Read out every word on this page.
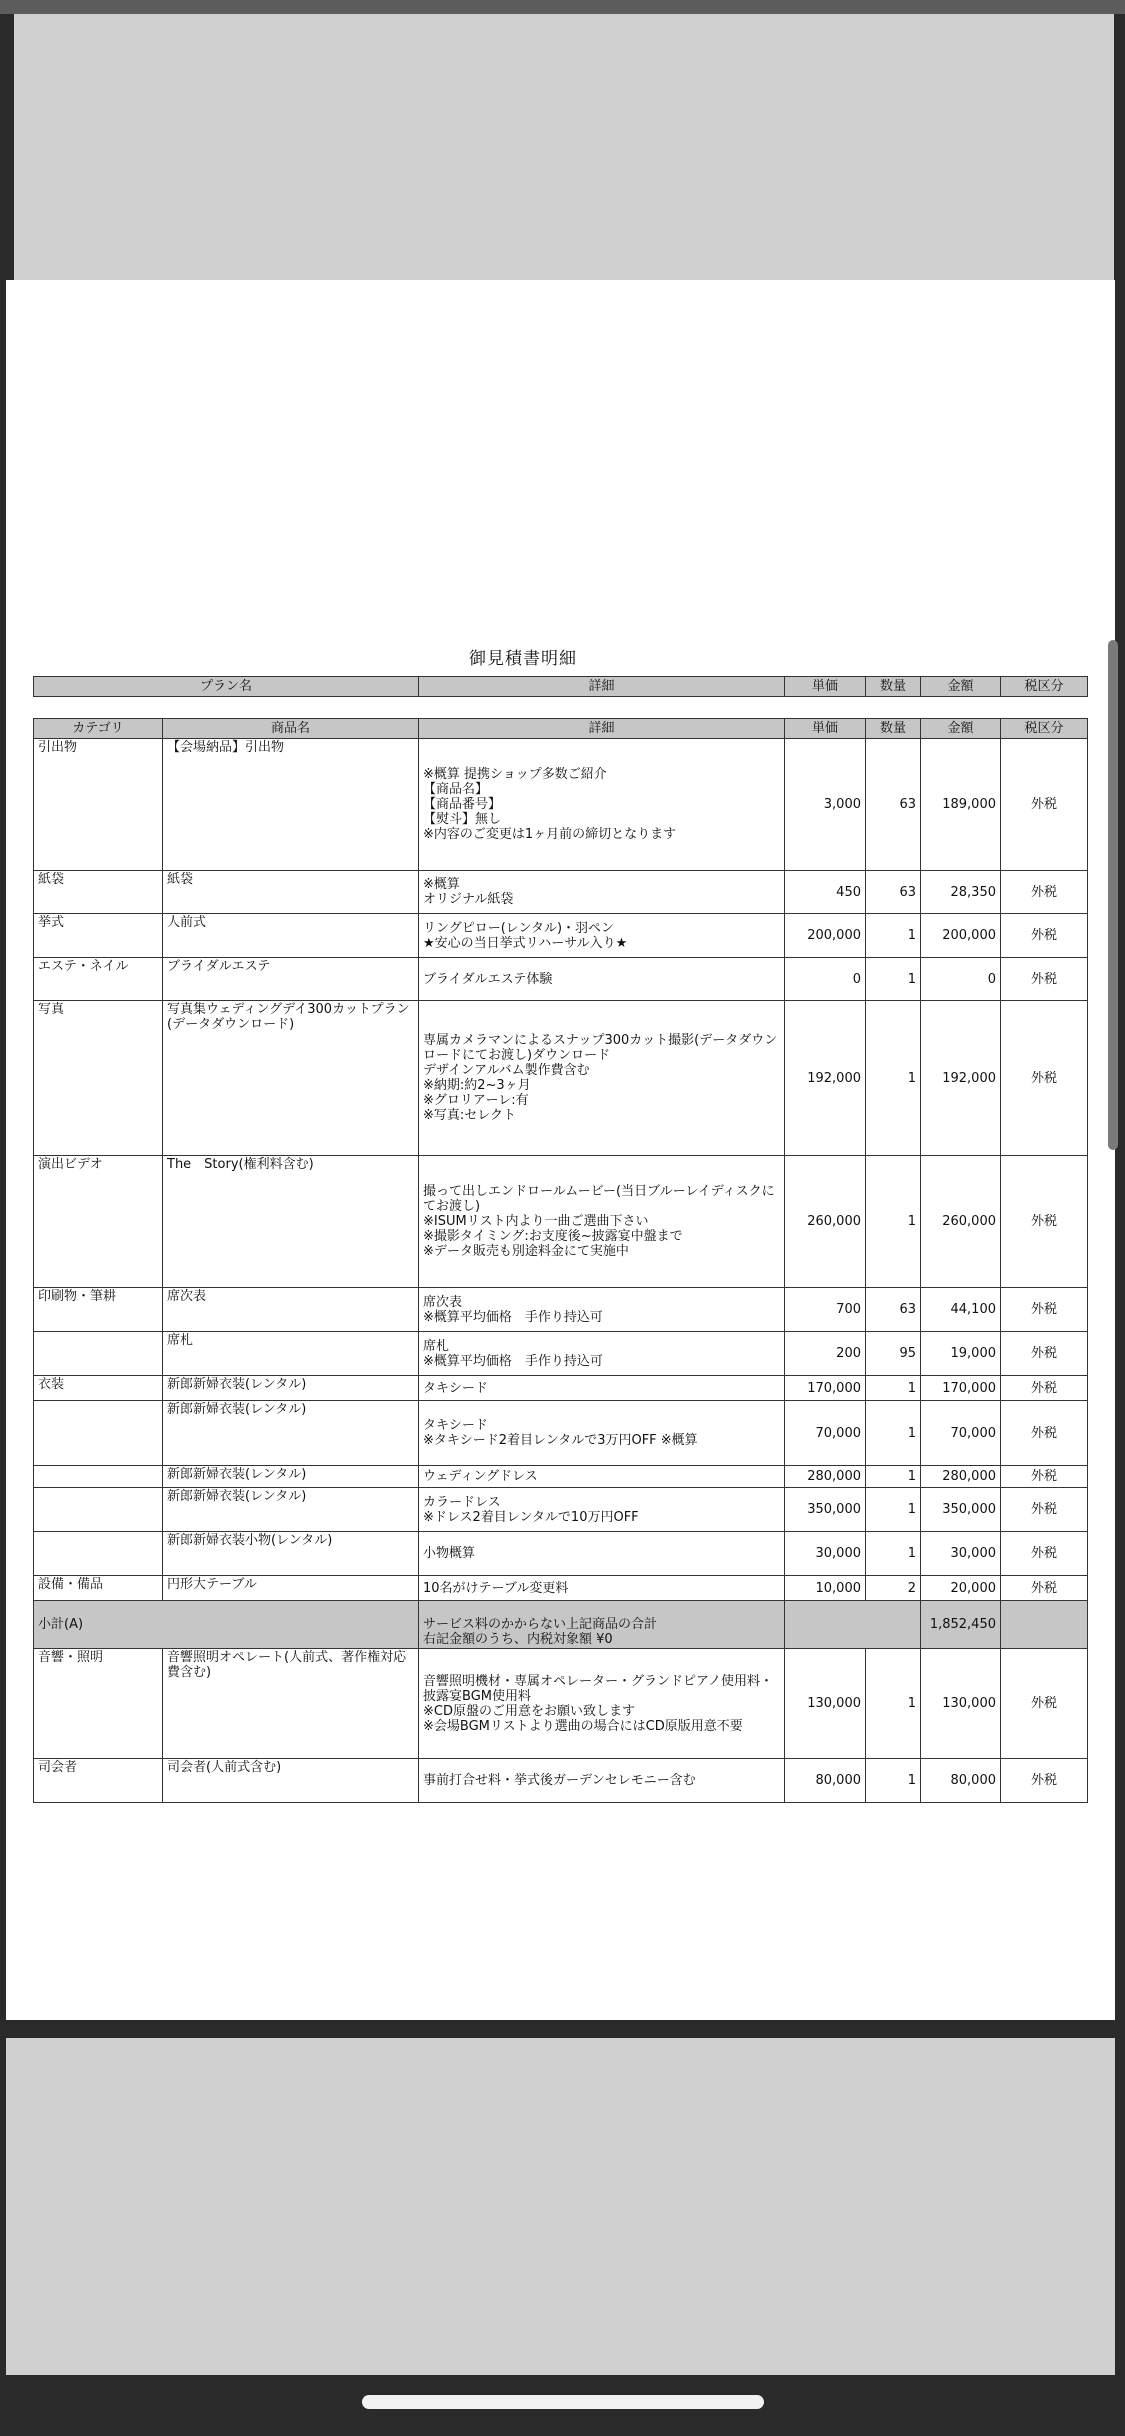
御見積書明細
プラン名	詳細	単価	数量	金額	税区分
カテゴリ	商品名	詳細	単価	数量	金額	税区分
引出物	【会場納品】引出物	※概算 提携ショップ多数ご紹介
【商品名】
【商品番号】
【熨斗】無し
※内容のご変更は1ヶ月前の締切となります	3,000	63	189,000	外税
紙袋	紙袋	※概算
オリジナル紙袋	450	63	28,350	外税
挙式	人前式	リングピロー(レンタル)・羽ペン
★安心の当日挙式リハーサル入り★	200,000	1	200,000	外税
エステ・ネイル	ブライダルエステ	ブライダルエステ体験	0	1	0	外税
写真	写真集ウェディングデイ300カットプラン(データダウンロード)	専属カメラマンによるスナップ300カット撮影(データダウンロードにてお渡し)ダウンロード
デザインアルバム製作費含む
※納期:約2~3ヶ月
※グロリアーレ:有
※写真:セレクト	192,000	1	192,000	外税
演出ビデオ	The　Story(権利料含む)	撮って出しエンドロールムービー(当日ブルーレイディスクにてお渡し)
※ISUMリスト内より一曲ご選曲下さい
※撮影タイミング:お支度後~披露宴中盤まで
※データ販売も別途料金にて実施中	260,000	1	260,000	外税
印刷物・筆耕	席次表	席次表
※概算平均価格　手作り持込可	700	63	44,100	外税
	席札	席札
※概算平均価格　手作り持込可	200	95	19,000	外税
衣装	新郎新婦衣装(レンタル)	タキシード	170,000	1	170,000	外税
	新郎新婦衣装(レンタル)	タキシード
※タキシード2着目レンタルで3万円OFF ※概算	70,000	1	70,000	外税
	新郎新婦衣装(レンタル)	ウェディングドレス	280,000	1	280,000	外税
	新郎新婦衣装(レンタル)	カラードレス
※ドレス2着目レンタルで10万円OFF	350,000	1	350,000	外税
	新郎新婦衣装小物(レンタル)	小物概算	30,000	1	30,000	外税
設備・備品	円形大テーブル	10名がけテーブル変更料	10,000	2	20,000	外税
小計(A)		サービス料のかからない上記商品の合計
右記金額のうち、内税対象額 ¥0			1,852,450	
音響・照明	音響照明オペレート(人前式、著作権対応費含む)	音響照明機材・専属オペレーター・グランドピアノ使用料・披露宴BGM使用料
※CD原盤のご用意をお願い致します
※会場BGMリストより選曲の場合にはCD原版用意不要	130,000	1	130,000	外税
司会者	司会者(人前式含む)	事前打合せ料・挙式後ガーデンセレモニー含む	80,000	1	80,000	外税
